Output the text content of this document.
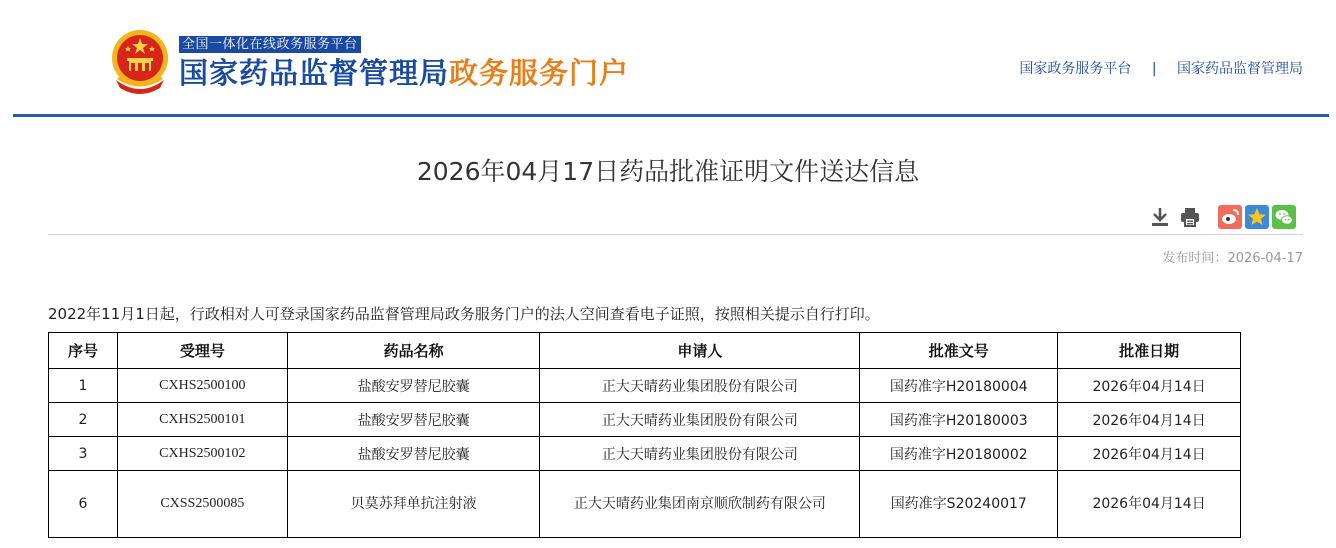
全国一体化在线政务服务平台
国家药品监督管理局政务服务门户	国家政务服务平台 | 国家药品监督管理局
2026年04月17日药品批准证明文件送达信息
发布时间：2026-04-17

2022年11月1日起，行政相对人可登录国家药品监督管理局政务服务门户的法人空间查看电子证照，按照相关提示自行打印。

序号	受理号	药品名称	申请人	批准文号	批准日期
1	CXHS2500100	盐酸安罗替尼胶囊	正大天晴药业集团股份有限公司	国药准字H20180004	2026年04月14日
2	CXHS2500101	盐酸安罗替尼胶囊	正大天晴药业集团股份有限公司	国药准字H20180003	2026年04月14日
3	CXHS2500102	盐酸安罗替尼胶囊	正大天晴药业集团股份有限公司	国药准字H20180002	2026年04月14日
6	CXSS2500085	贝莫苏拜单抗注射液	正大天晴药业集团南京顺欣制药有限公司	国药准字S20240017	2026年04月14日
